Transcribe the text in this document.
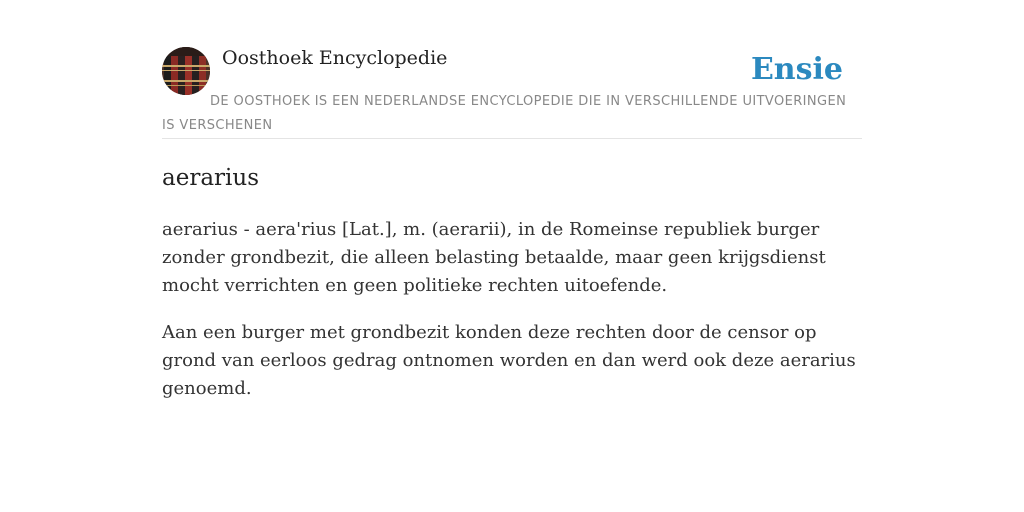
Oosthoek Encyclopedie	Ensie
DE OOSTHOEK IS EEN NEDERLANDSE ENCYCLOPEDIE DIE IN VERSCHILLENDE UITVOERINGEN IS VERSCHENEN
aerarius

aerarius - aera'rius [Lat.], m. (aerarii), in de Romeinse republiek burger zonder grondbezit, die alleen belasting betaalde, maar geen krijgsdienst mocht verrichten en geen politieke rechten uitoefende.

Aan een burger met grondbezit konden deze rechten door de censor op grond van eerloos gedrag ontnomen worden en dan werd ook deze aerarius genoemd.
